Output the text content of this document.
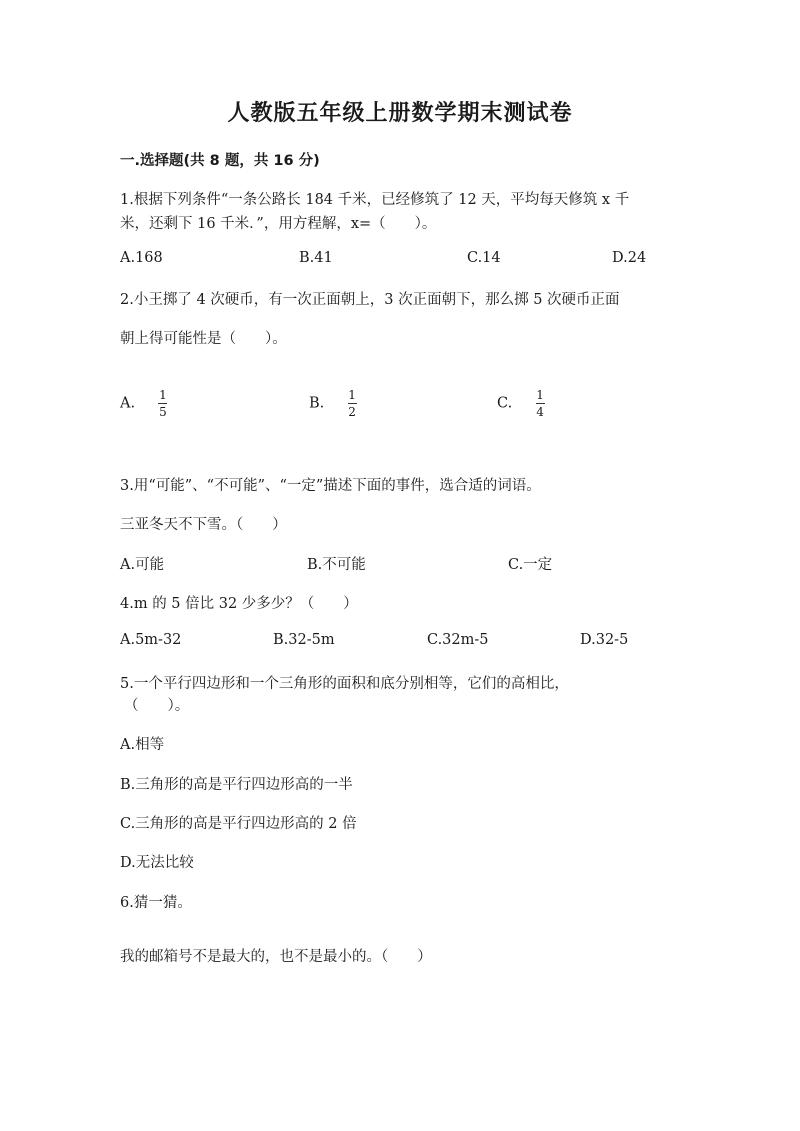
人教版五年级上册数学期末测试卷
一.选择题(共 8 题，共 16 分)
1.根据下列条件“一条公路长 184 千米，已经修筑了 12 天，平均每天修筑 x 千
米，还剩下 16 千米．”，用方程解，x=（　　）。
A.168	B.41	C.14	D.24
2.小王掷了 4 次硬币，有一次正面朝上，3 次正面朝下，那么掷 5 次硬币正面
朝上得可能性是（　　）。
A. $\frac{1}{5}$	B. $\frac{1}{2}$	C. $\frac{1}{4}$
3.用“可能”、“不可能”、“一定”描述下面的事件，选合适的词语。
三亚冬天不下雪。（　　）
A.可能	B.不可能	C.一定
4.m 的 5 倍比 32 少多少？（　　）
A.5m-32	B.32-5m	C.32m-5	D.32-5
5.一个平行四边形和一个三角形的面积和底分别相等，它们的高相比，
（　　）。
A.相等
B.三角形的高是平行四边形高的一半
C.三角形的高是平行四边形高的 2 倍
D.无法比较
6.猜一猜。
我的邮箱号不是最大的，也不是最小的。（　　）
